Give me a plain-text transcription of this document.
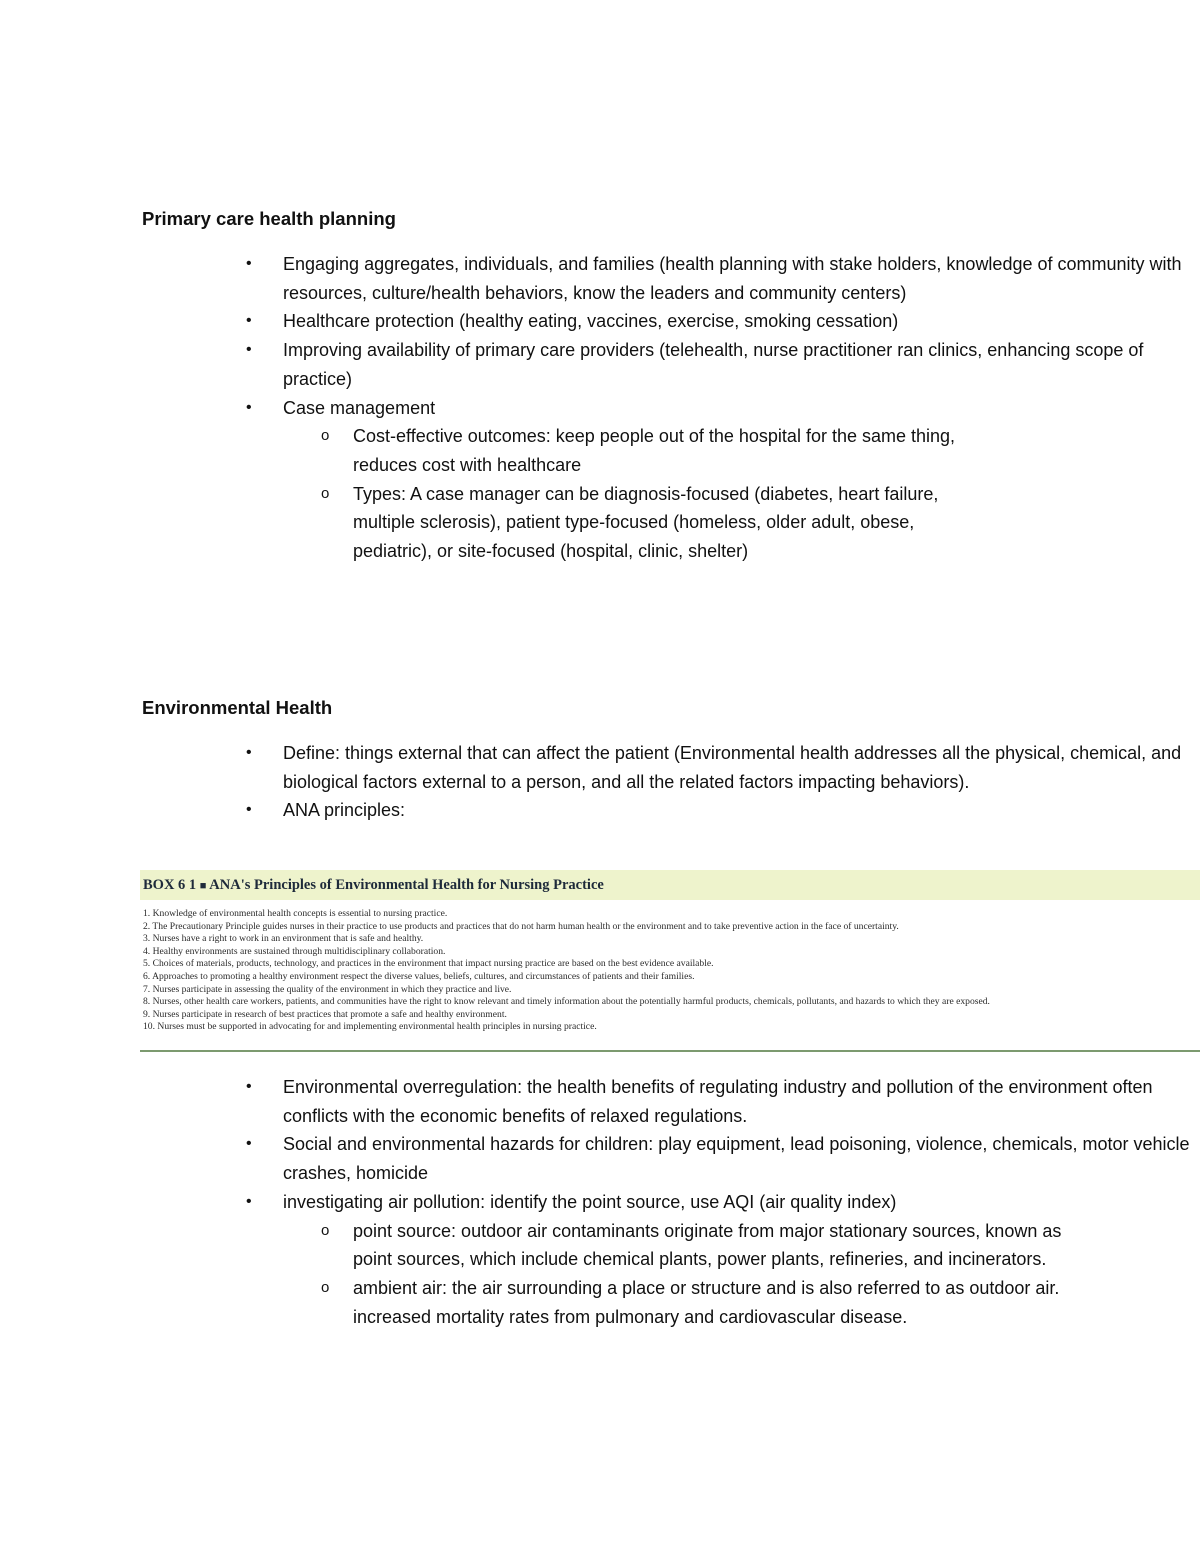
Primary care health planning
•	Engaging aggregates, individuals, and families (health planning with stake holders, knowledge of community with resources, culture/health behaviors, know the leaders and community centers)
•	Healthcare protection (healthy eating, vaccines, exercise, smoking cessation)
•	Improving availability of primary care providers (telehealth, nurse practitioner ran clinics, enhancing scope of practice)
•	Case management
o Cost-effective outcomes: keep people out of the hospital for the same thing, reduces cost with healthcare
o Types: A case manager can be diagnosis-focused (diabetes, heart failure, multiple sclerosis), patient type-focused (homeless, older adult, obese, pediatric), or site-focused (hospital, clinic, shelter)
Environmental Health
•	Define: things external that can affect the patient (Environmental health addresses all the physical, chemical, and biological factors external to a person, and all the related factors impacting behaviors).
•	ANA principles:
BOX 6 1 ■ ANA's Principles of Environmental Health for Nursing Practice
1. Knowledge of environmental health concepts is essential to nursing practice.
2. The Precautionary Principle guides nurses in their practice to use products and practices that do not harm human health or the environment and to take preventive action in the face of uncertainty.
3. Nurses have a right to work in an environment that is safe and healthy.
4. Healthy environments are sustained through multidisciplinary collaboration.
5. Choices of materials, products, technology, and practices in the environment that impact nursing practice are based on the best evidence available.
6. Approaches to promoting a healthy environment respect the diverse values, beliefs, cultures, and circumstances of patients and their families.
7. Nurses participate in assessing the quality of the environment in which they practice and live.
8. Nurses, other health care workers, patients, and communities have the right to know relevant and timely information about the potentially harmful products, chemicals, pollutants, and hazards to which they are exposed.
9. Nurses participate in research of best practices that promote a safe and healthy environment.
10. Nurses must be supported in advocating for and implementing environmental health principles in nursing practice.
•	Environmental overregulation: the health benefits of regulating industry and pollution of the environment often conflicts with the economic benefits of relaxed regulations.
•	Social and environmental hazards for children: play equipment, lead poisoning, violence, chemicals, motor vehicle crashes, homicide
•	investigating air pollution: identify the point source, use AQI (air quality index)
o point source: outdoor air contaminants originate from major stationary sources, known as point sources, which include chemical plants, power plants, refineries, and incinerators.
o ambient air: the air surrounding a place or structure and is also referred to as outdoor air. increased mortality rates from pulmonary and cardiovascular disease.
